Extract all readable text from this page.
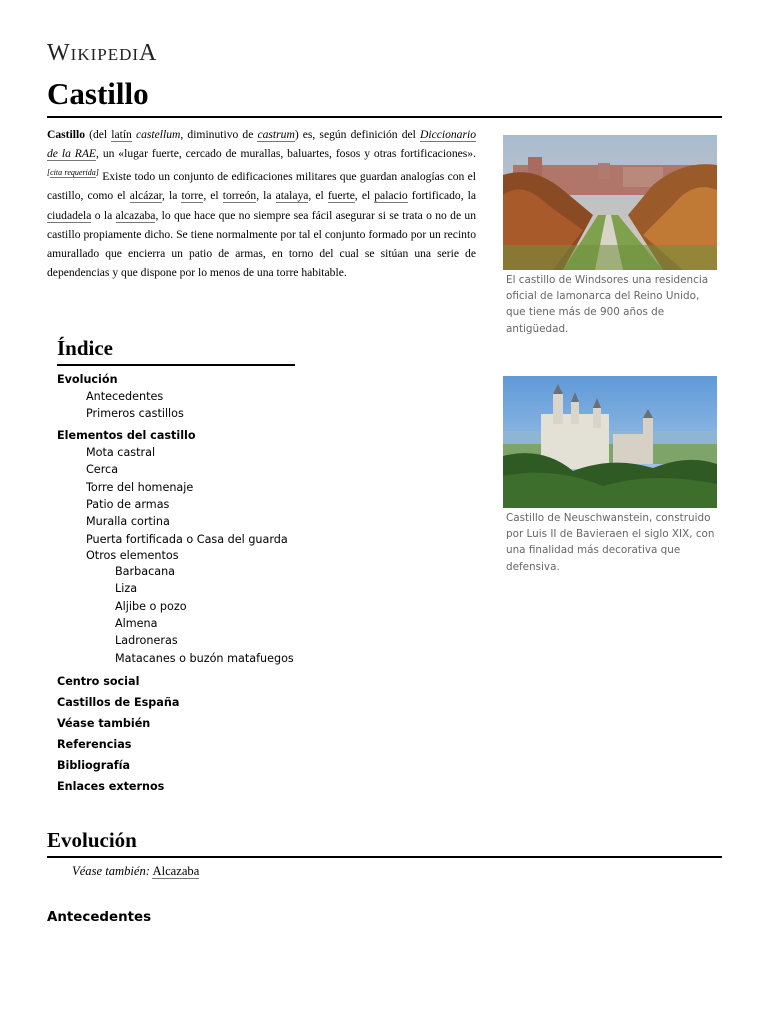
WIKIPEDIA
Castillo

Castillo (del latín castellum, diminutivo de castrum) es, según definición del Diccionario de la RAE, un «lugar fuerte, cercado de murallas, baluartes, fosos y otras fortificaciones».[cita requerida] Existe todo un conjunto de edificaciones militares que guardan analogías con el castillo, como el alcázar, la torre, el torreón, la atalaya, el fuerte, el palacio fortificado, la ciudadela o la alcazaba, lo que hace que no siempre sea fácil asegurar si se trata o no de un castillo propiamente dicho. Se tiene normalmente por tal el conjunto formado por un recinto amurallado que encierra un patio de armas, en torno del cual se sitúan una serie de dependencias y que dispone por lo menos de una torre habitable.

El castillo de Windsores una residencia oficial de lamonarca del Reino Unido, que tiene más de 900 años de antigüedad.
Castillo de Neuschwanstein, construido por Luis II de Bavieraen el siglo XIX, con una finalidad más decorativa que defensiva.
Índice
Evolución
Antecedentes
Primeros castillos
Elementos del castillo
Mota castral
Cerca
Torre del homenaje
Patio de armas
Muralla cortina
Puerta fortificada o Casa del guarda
Otros elementos
Barbacana
Liza
Aljibe o pozo
Almena
Ladroneras
Matacanes o buzón matafuegos
Centro social
Castillos de España
Véase también
Referencias
Bibliografía
Enlaces externos
Evolución
Véase también: Alcazaba
Antecedentes
